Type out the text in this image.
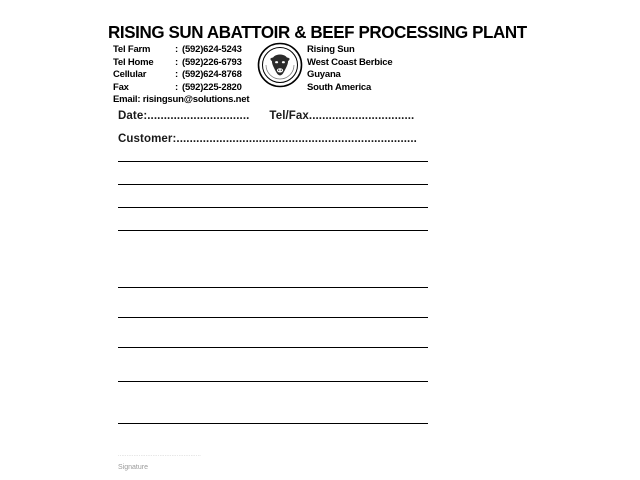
RISING SUN ABATTOIR & BEEF PROCESSING PLANT
Tel Farm	: (592)624-5243
Tel Home : (592)226-6793
Cellular	: (592)624-8768
Fax	: (592)225-2820
Email: risingsun@solutions.net
Rising Sun
West Coast Berbice
Guyana
South America
Date:............................... Tel/Fax................................
Customer:.........................................................................
................................................
Signature
